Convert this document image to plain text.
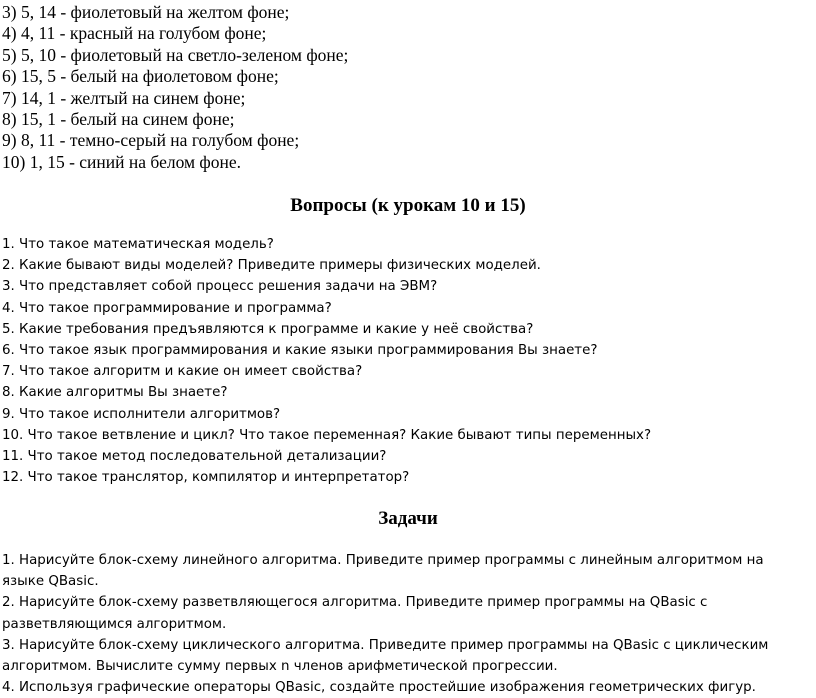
3) 5, 14 - фиолетовый на желтом фоне;
4) 4, 11 - красный на голубом фоне;
5) 5, 10 - фиолетовый на светло-зеленом фоне;
6) 15, 5 - белый на фиолетовом фоне;
7) 14, 1 - желтый на синем фоне;
8) 15, 1 - белый на синем фоне;
9) 8, 11 - темно-серый на голубом фоне;
10) 1, 15 - синий на белом фоне.
Вопросы (к урокам 10 и 15)
1. Что такое математическая модель?
2. Какие бывают виды моделей? Приведите примеры физических моделей.
3. Что представляет собой процесс решения задачи на ЭВМ?
4. Что такое программирование и программа?
5. Какие требования предъявляются к программе и какие у неё свойства?
6. Что такое язык программирования и какие языки программирования Вы знаете?
7. Что такое алгоритм и какие он имеет свойства?
8. Какие алгоритмы Вы знаете?
9. Что такое исполнители алгоритмов?
10. Что такое ветвление и цикл? Что такое переменная? Какие бывают типы переменных?
11. Что такое метод последовательной детализации?
12. Что такое транслятор, компилятор и интерпретатор?
Задачи
1. Нарисуйте блок-схему линейного алгоритма. Приведите пример программы с линейным алгоритмом на языке QBasic.
2. Нарисуйте блок-схему разветвляющегося алгоритма. Приведите пример программы на QBasic с разветвляющимся алгоритмом.
3. Нарисуйте блок-схему циклического алгоритма. Приведите пример программы на QBasic с циклическим алгоритмом. Вычислите сумму первых n членов арифметической прогрессии.
4. Используя графические операторы QBasic, создайте простейшие изображения геометрических фигур.
